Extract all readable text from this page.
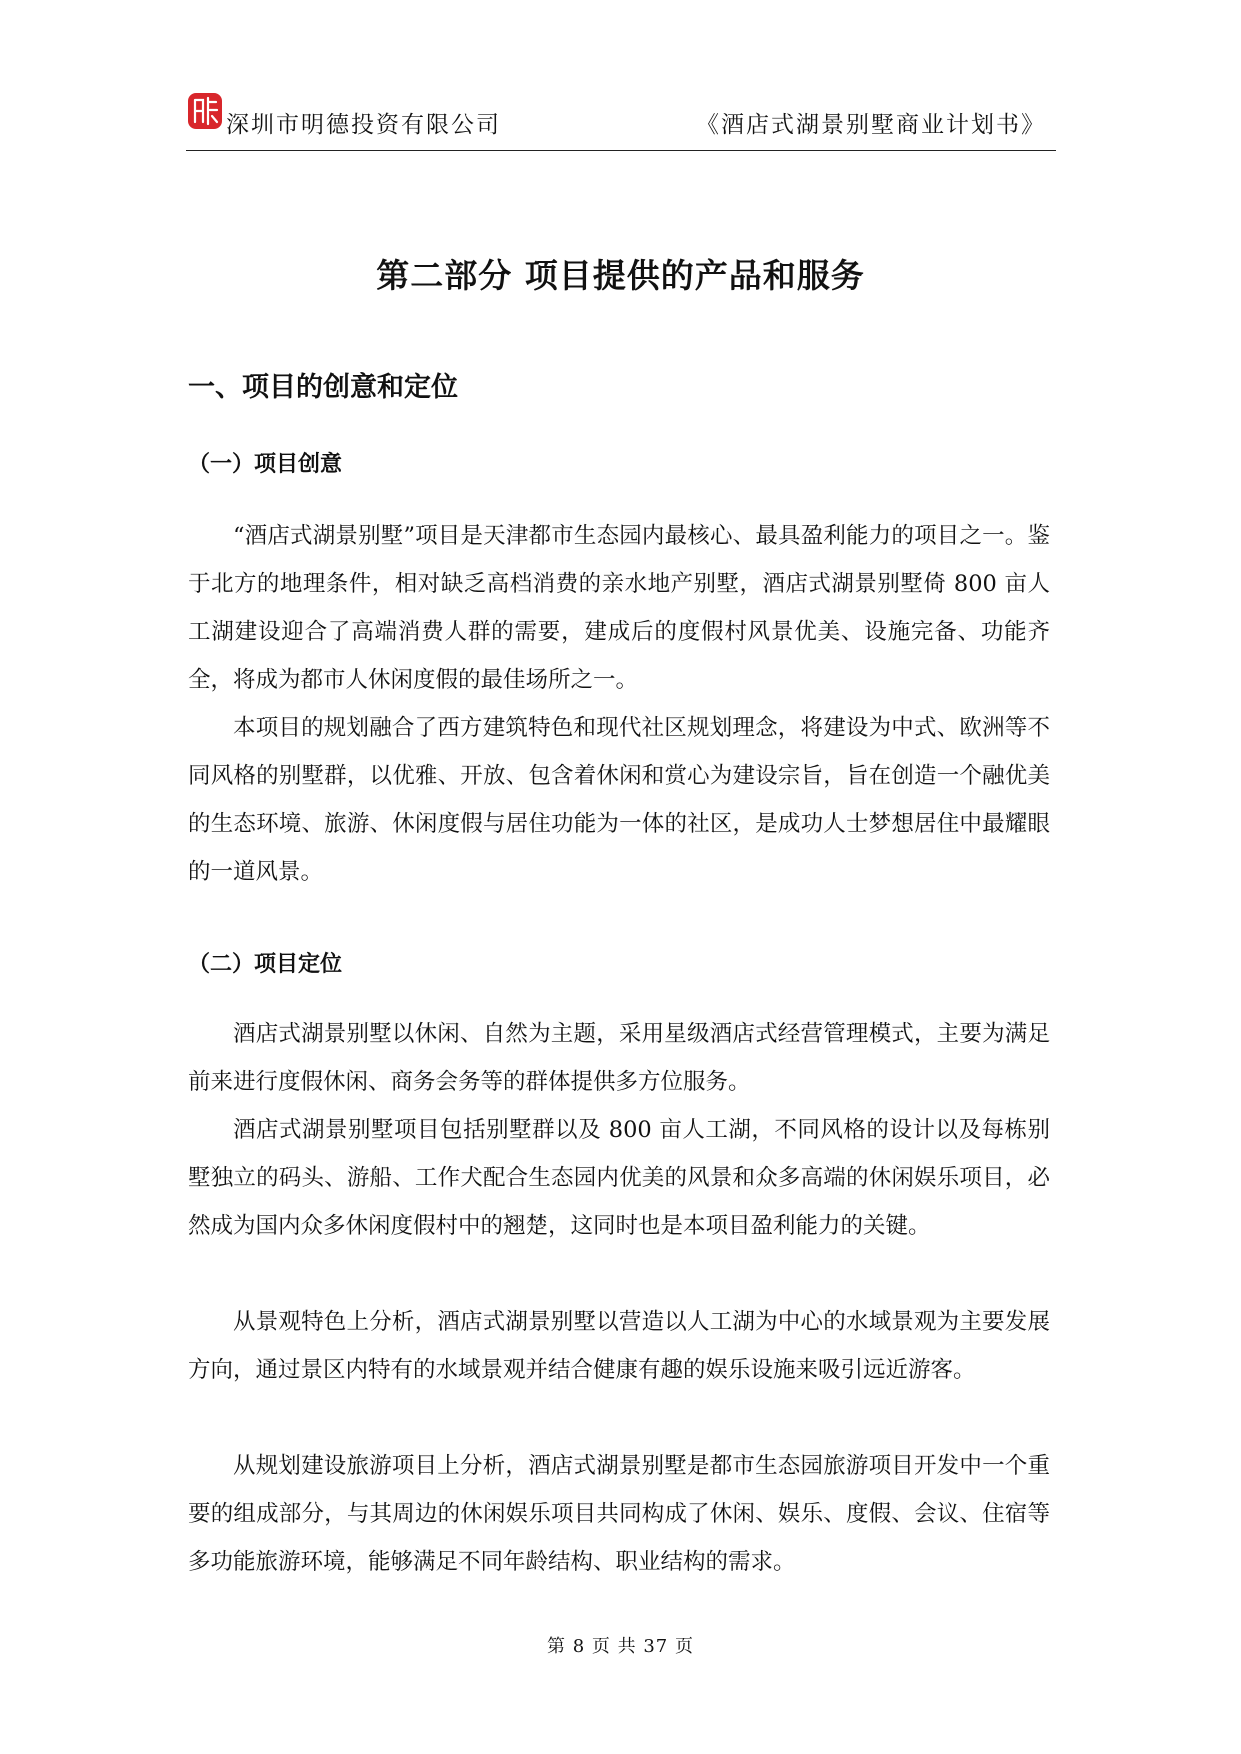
深圳市明德投资有限公司	《酒店式湖景别墅商业计划书》
第二部分 项目提供的产品和服务
一、项目的创意和定位
（一）项目创意

“酒店式湖景别墅”项目是天津都市生态园内最核心、最具盈利能力的项目之一。鉴于北方的地理条件，相对缺乏高档消费的亲水地产别墅，酒店式湖景别墅倚 800 亩人工湖建设迎合了高端消费人群的需要，建成后的度假村风景优美、设施完备、功能齐全，将成为都市人休闲度假的最佳场所之一。

本项目的规划融合了西方建筑特色和现代社区规划理念，将建设为中式、欧洲等不同风格的别墅群，以优雅、开放、包含着休闲和赏心为建设宗旨，旨在创造一个融优美的生态环境、旅游、休闲度假与居住功能为一体的社区，是成功人士梦想居住中最耀眼的一道风景。

（二）项目定位

酒店式湖景别墅以休闲、自然为主题，采用星级酒店式经营管理模式，主要为满足前来进行度假休闲、商务会务等的群体提供多方位服务。

酒店式湖景别墅项目包括别墅群以及 800 亩人工湖，不同风格的设计以及每栋别墅独立的码头、游船、工作犬配合生态园内优美的风景和众多高端的休闲娱乐项目，必然成为国内众多休闲度假村中的翘楚，这同时也是本项目盈利能力的关键。

从景观特色上分析，酒店式湖景别墅以营造以人工湖为中心的水域景观为主要发展方向，通过景区内特有的水域景观并结合健康有趣的娱乐设施来吸引远近游客。

从规划建设旅游项目上分析，酒店式湖景别墅是都市生态园旅游项目开发中一个重要的组成部分，与其周边的休闲娱乐项目共同构成了休闲、娱乐、度假、会议、住宿等多功能旅游环境，能够满足不同年龄结构、职业结构的需求。

第 8 页 共 37 页
